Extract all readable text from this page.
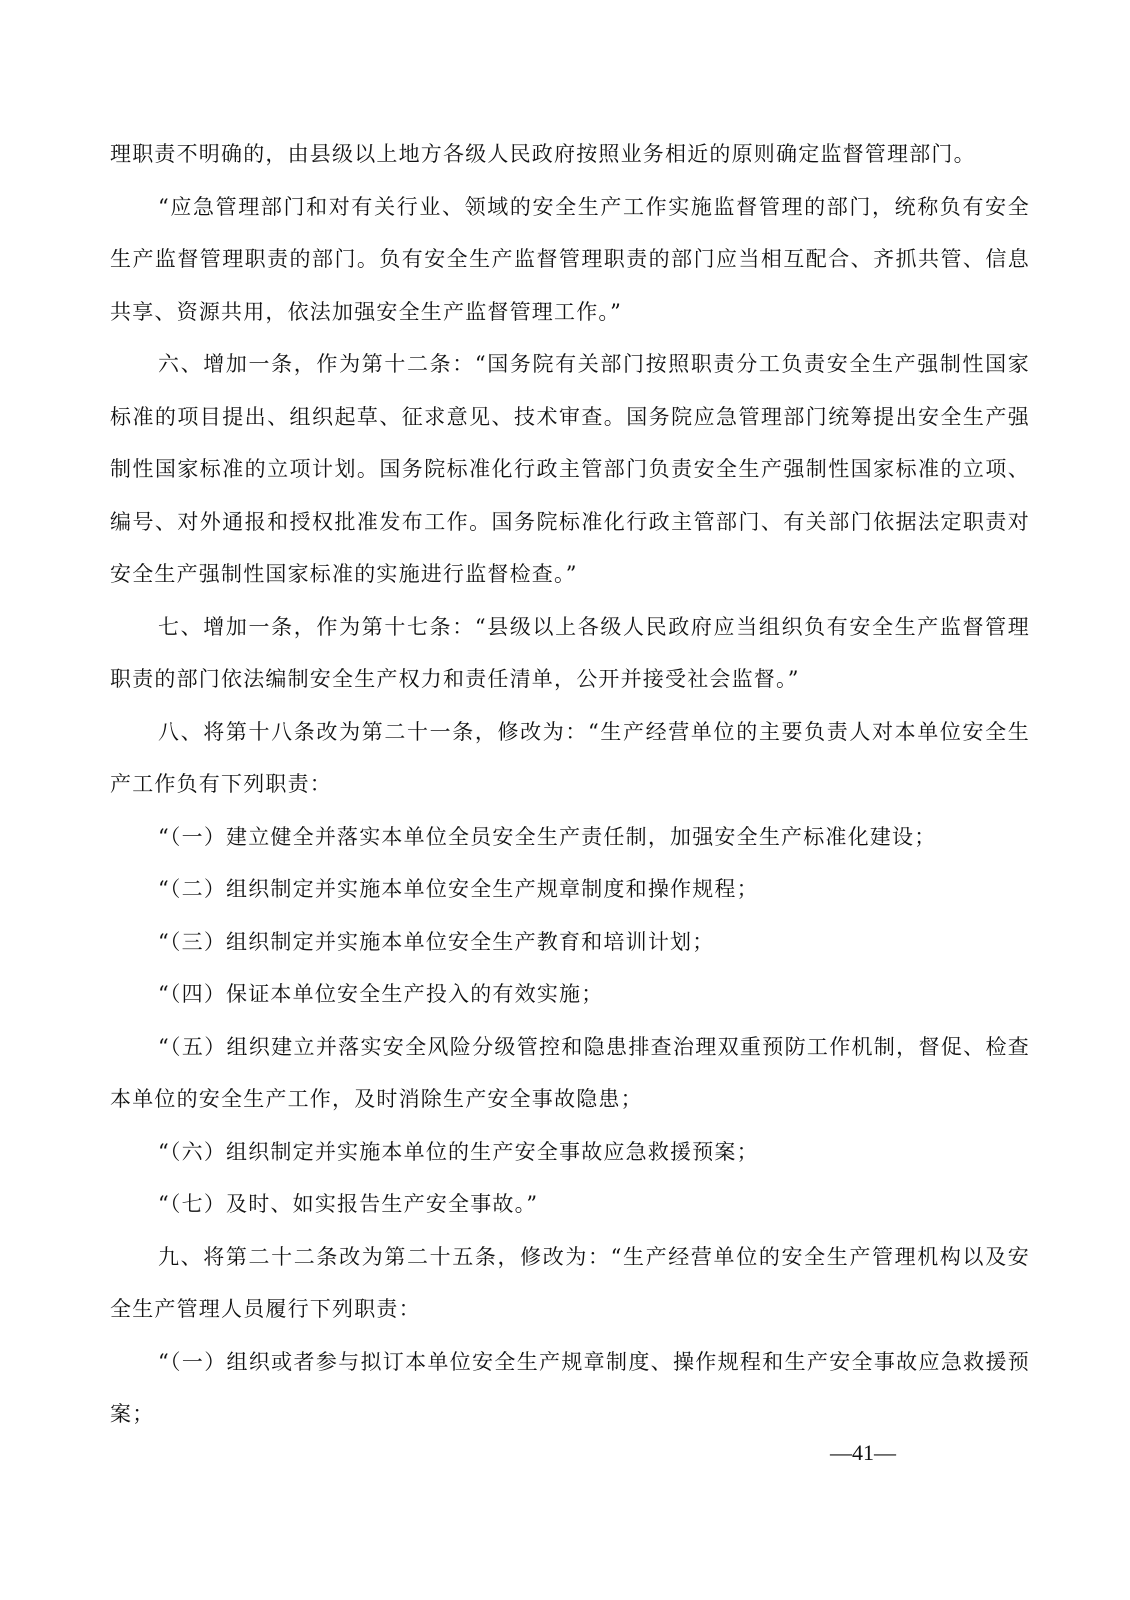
理职责不明确的，由县级以上地方各级人民政府按照业务相近的原则确定监督管理部门。

“应急管理部门和对有关行业、领域的安全生产工作实施监督管理的部门，统称负有安全生产监督管理职责的部门。负有安全生产监督管理职责的部门应当相互配合、齐抓共管、信息共享、资源共用，依法加强安全生产监督管理工作。”

六、增加一条，作为第十二条：“国务院有关部门按照职责分工负责安全生产强制性国家标准的项目提出、组织起草、征求意见、技术审查。国务院应急管理部门统筹提出安全生产强制性国家标准的立项计划。国务院标准化行政主管部门负责安全生产强制性国家标准的立项、编号、对外通报和授权批准发布工作。国务院标准化行政主管部门、有关部门依据法定职责对安全生产强制性国家标准的实施进行监督检查。”

七、增加一条，作为第十七条：“县级以上各级人民政府应当组织负有安全生产监督管理职责的部门依法编制安全生产权力和责任清单，公开并接受社会监督。”

八、将第十八条改为第二十一条，修改为：“生产经营单位的主要负责人对本单位安全生产工作负有下列职责：

“（一）建立健全并落实本单位全员安全生产责任制，加强安全生产标准化建设；

“（二）组织制定并实施本单位安全生产规章制度和操作规程；

“（三）组织制定并实施本单位安全生产教育和培训计划；

“（四）保证本单位安全生产投入的有效实施；

“（五）组织建立并落实安全风险分级管控和隐患排查治理双重预防工作机制，督促、检查本单位的安全生产工作，及时消除生产安全事故隐患；

“（六）组织制定并实施本单位的生产安全事故应急救援预案；

“（七）及时、如实报告生产安全事故。”

九、将第二十二条改为第二十五条，修改为：“生产经营单位的安全生产管理机构以及安全生产管理人员履行下列职责：

“（一）组织或者参与拟订本单位安全生产规章制度、操作规程和生产安全事故应急救援预案；

—41—
